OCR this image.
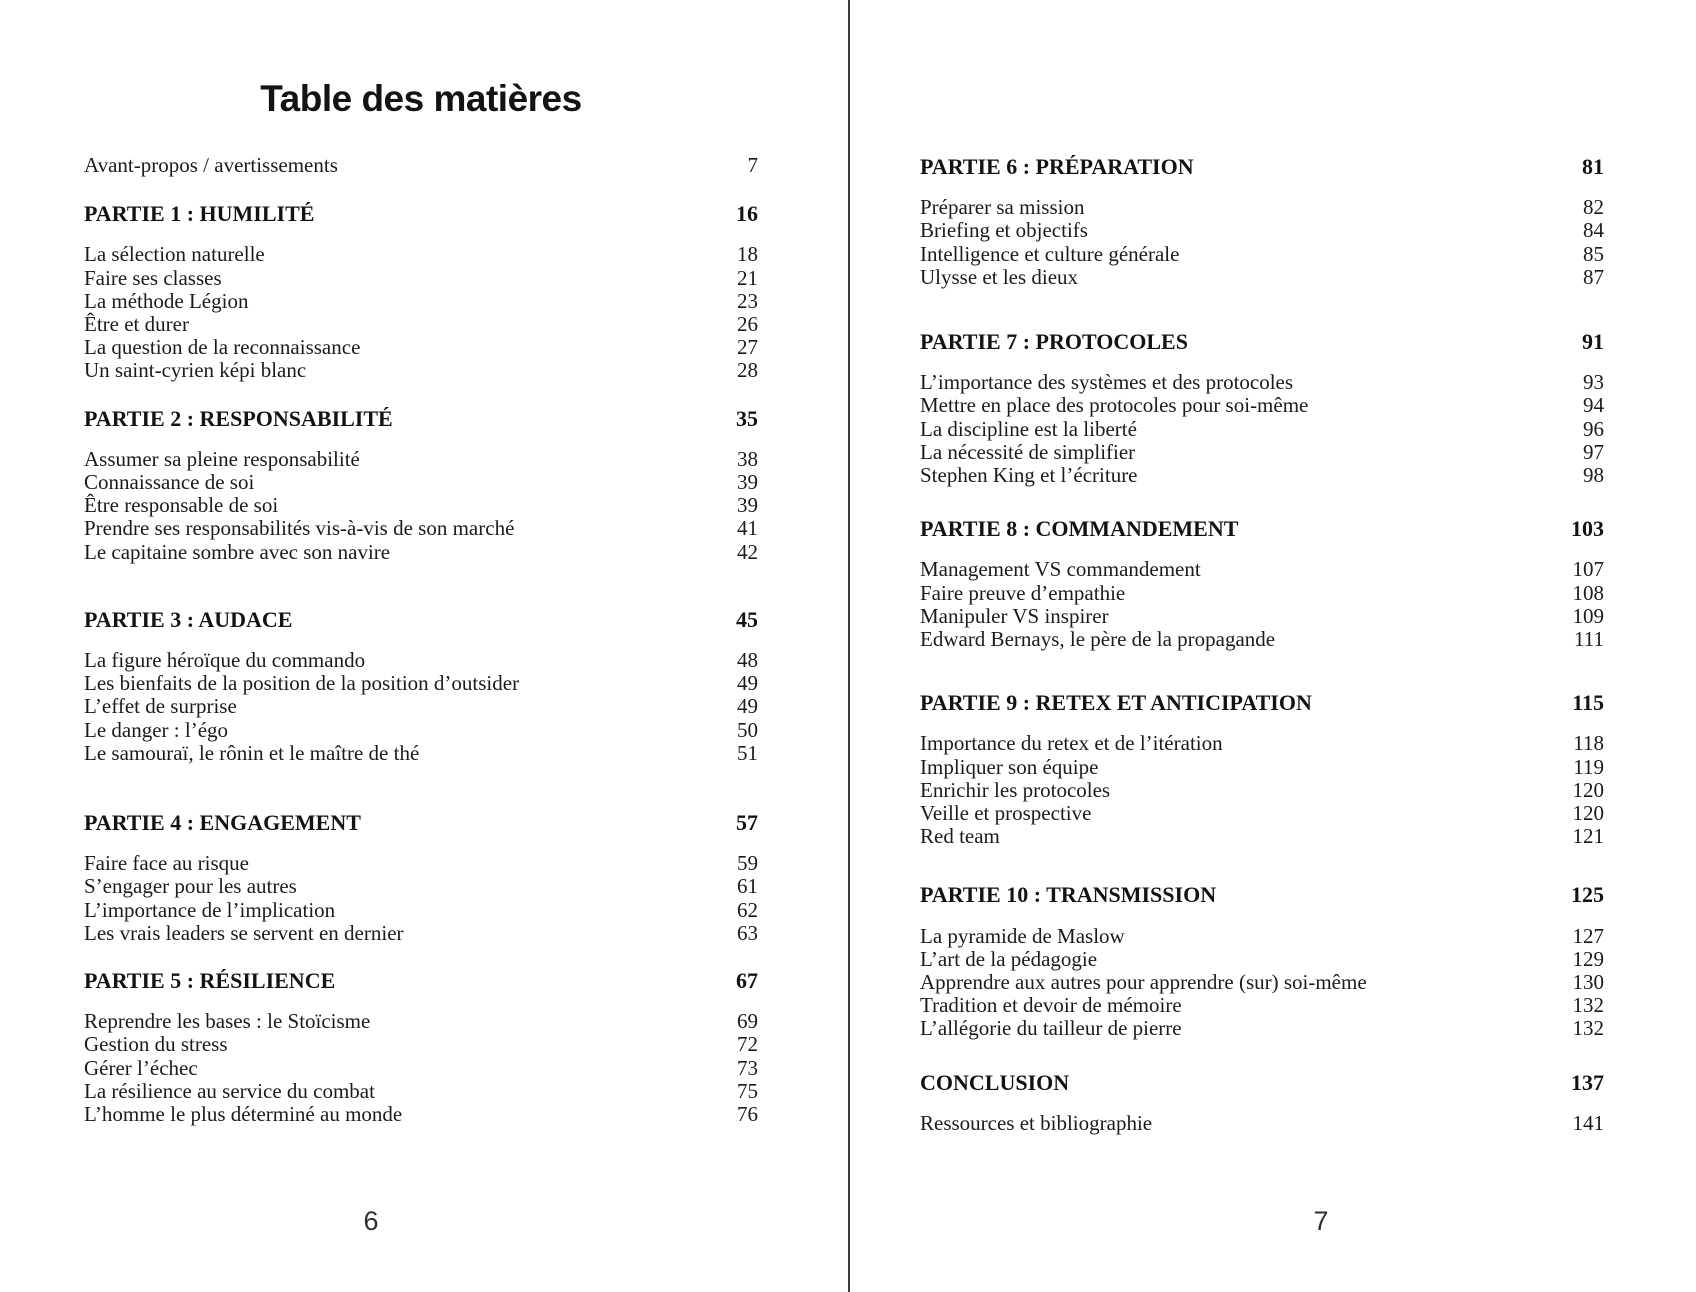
Table des matières
Avant-propos / avertissements	7
PARTIE 1 : HUMILITÉ	16
La sélection naturelle	18
Faire ses classes	21
La méthode Légion	23
Être et durer	26
La question de la reconnaissance	27
Un saint-cyrien képi blanc	28
PARTIE 2 : RESPONSABILITÉ	35
Assumer sa pleine responsabilité	38
Connaissance de soi	39
Être responsable de soi	39
Prendre ses responsabilités vis-à-vis de son marché	41
Le capitaine sombre avec son navire	42
PARTIE 3 : AUDACE	45
La figure héroïque du commando	48
Les bienfaits de la position de la position d’outsider	49
L’effet de surprise	49
Le danger : l’égo	50
Le samouraï, le rônin et le maître de thé	51
PARTIE 4 : ENGAGEMENT	57
Faire face au risque	59
S’engager pour les autres	61
L’importance de l’implication	62
Les vrais leaders se servent en dernier	63
PARTIE 5 : RÉSILIENCE	67
Reprendre les bases : le Stoïcisme	69
Gestion du stress	72
Gérer l’échec	73
La résilience au service du combat	75
L’homme le plus déterminé au monde	76
PARTIE 6 : PRÉPARATION	81
Préparer sa mission	82
Briefing et objectifs	84
Intelligence et culture générale	85
Ulysse et les dieux	87
PARTIE 7 : PROTOCOLES	91
L’importance des systèmes et des protocoles	93
Mettre en place des protocoles pour soi-même	94
La discipline est la liberté	96
La nécessité de simplifier	97
Stephen King et l’écriture	98
PARTIE 8 : COMMANDEMENT	103
Management VS commandement	107
Faire preuve d’empathie	108
Manipuler VS inspirer	109
Edward Bernays, le père de la propagande	111
PARTIE 9 : RETEX ET ANTICIPATION	115
Importance du retex et de l’itération	118
Impliquer son équipe	119
Enrichir les protocoles	120
Veille et prospective	120
Red team	121
PARTIE 10 : TRANSMISSION	125
La pyramide de Maslow	127
L’art de la pédagogie	129
Apprendre aux autres pour apprendre (sur) soi-même	130
Tradition et devoir de mémoire	132
L’allégorie du tailleur de pierre	132
CONCLUSION	137
Ressources et bibliographie	141
6	7
